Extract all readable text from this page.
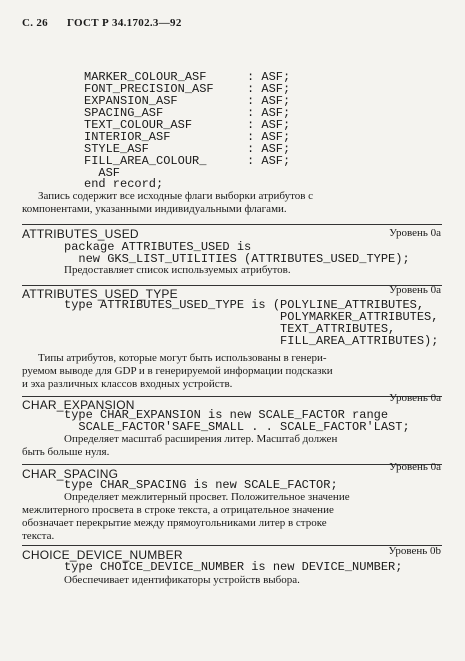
С. 26 ГОСТ Р 34.1702.3—92
MARKER_COLOUR_ASF	: ASF;
FONT_PRECISION_ASF	: ASF;
EXPANSION_ASF	: ASF;
SPACING_ASF	: ASF;
TEXT_COLOUR_ASF	: ASF;
INTERIOR_ASF	: ASF;
STYLE_ASF	: ASF;
FILL_AREA_COLOUR_	: ASF;
ASF
end record;
Запись содержит все исходные флаги выборки атрибутов с
компонентами, указанными индивидуальными флагами.
ATTRIBUTES_USED	Уровень 0а
package ATTRIBUTES_USED is
new GKS_LIST_UTILITIES (ATTRIBUTES_USED_TYPE);
Предоставляет список используемых атрибутов.
ATTRIBUTES_USED_TYPE	Уровень 0а
type ATTRIBUTES_USED_TYPE is (POLYLINE_ATTRIBUTES,
POLYMARKER_ATTRIBUTES,
TEXT_ATTRIBUTES,
FILL_AREA_ATTRIBUTES);
Типы атрибутов, которые могут быть использованы в генери-
руемом выводе для GDP и в генерируемой информации подсказки
и эха различных классов входных устройств.
CHAR_EXPANSION	Уровень 0а
type CHAR_EXPANSION is new SCALE_FACTOR range
SCALE_FACTOR'SAFE_SMALL . . SCALE_FACTOR'LAST;
Определяет масштаб расширения литер. Масштаб должен
быть больше нуля.
CHAR_SPACING	Уровень 0а
type CHAR_SPACING is new SCALE_FACTOR;
Определяет межлитерный просвет. Положительное значение
межлитерного просвета в строке текста, а отрицательное значение
обозначает перекрытие между прямоугольниками литер в строке
текста.
CHOICE_DEVICE_NUMBER	Уровень 0b
type CHOICE_DEVICE_NUMBER is new DEVICE_NUMBER;
Обеспечивает идентификаторы устройств выбора.
